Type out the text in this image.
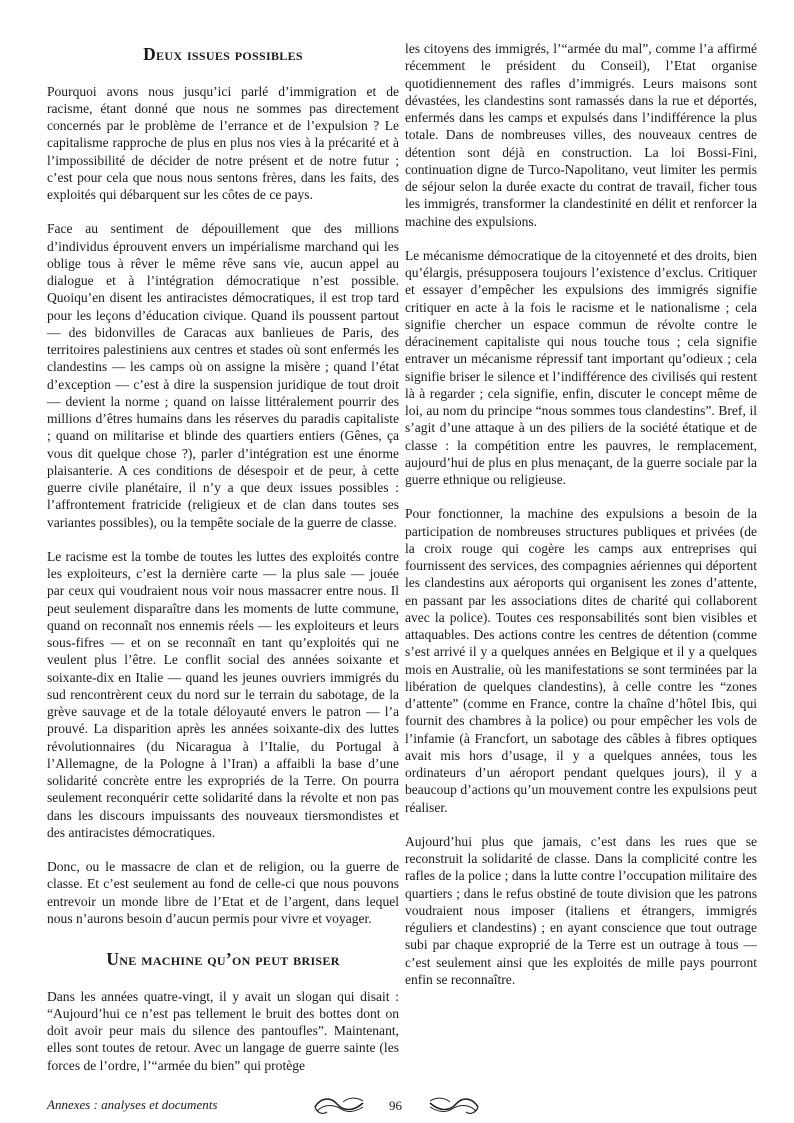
Deux issues possibles

Pourquoi avons nous jusqu’ici parlé d’immigration et de racisme, étant donné que nous ne sommes pas directement concernés par le problème de l’errance et de l’expulsion ? Le capitalisme rapproche de plus en plus nos vies à la précarité et à l’impossibilité de décider de notre présent et de notre futur ; c’est pour cela que nous nous sentons frères, dans les faits, des exploités qui débarquent sur les côtes de ce pays.

Face au sentiment de dépouillement que des millions d’individus éprouvent envers un impérialisme marchand qui les oblige tous à rêver le même rêve sans vie, aucun appel au dialogue et à l’intégration démocratique n’est possible. Quoiqu’en disent les antiracistes démocratiques, il est trop tard pour les leçons d’éducation civique. Quand ils poussent partout — des bidonvilles de Caracas aux banlieues de Paris, des territoires palestiniens aux centres et stades où sont enfermés les clandestins — les camps où on assigne la misère ; quand l’état d’exception — c’est à dire la suspension juridique de tout droit — devient la norme ; quand on laisse littéralement pourrir des millions d’êtres humains dans les réserves du paradis capitaliste ; quand on militarise et blinde des quartiers entiers (Gênes, ça vous dit quelque chose ?), parler d’intégration est une énorme plaisanterie. A ces conditions de désespoir et de peur, à cette guerre civile planétaire, il n’y a que deux issues possibles : l’affrontement fratricide (religieux et de clan dans toutes ses variantes possibles), ou la tempête sociale de la guerre de classe.

Le racisme est la tombe de toutes les luttes des exploités contre les exploiteurs, c’est la dernière carte — la plus sale — jouée par ceux qui voudraient nous voir nous massacrer entre nous. Il peut seulement disparaître dans les moments de lutte commune, quand on reconnaît nos ennemis réels — les exploiteurs et leurs sous-fifres — et on se reconnaît en tant qu’exploités qui ne veulent plus l’être. Le conflit social des années soixante et soixante-dix en Italie — quand les jeunes ouvriers immigrés du sud rencontrèrent ceux du nord sur le terrain du sabotage, de la grève sauvage et de la totale déloyauté envers le patron — l’a prouvé. La disparition après les années soixante-dix des luttes révolutionnaires (du Nicaragua à l’Italie, du Portugal à l’Allemagne, de la Pologne à l’Iran) a affaibli la base d’une solidarité concrète entre les expropriés de la Terre. On pourra seulement reconquérir cette solidarité dans la révolte et non pas dans les discours impuissants des nouveaux tiersmondistes et des antiracistes démocratiques.

Donc, ou le massacre de clan et de religion, ou la guerre de classe. Et c’est seulement au fond de celle-ci que nous pouvons entrevoir un monde libre de l’Etat et de l’argent, dans lequel nous n’aurons besoin d’aucun permis pour vivre et voyager.

Une machine qu’on peut briser

Dans les années quatre-vingt, il y avait un slogan qui disait : “Aujourd’hui ce n’est pas tellement le bruit des bottes dont on doit avoir peur mais du silence des pantoufles”. Maintenant, elles sont toutes de retour. Avec un langage de guerre sainte (les forces de l’ordre, l’“armée du bien” qui protège

les citoyens des immigrés, l’“armée du mal”, comme l’a affirmé récemment le président du Conseil), l’Etat organise quotidiennement des rafles d’immigrés. Leurs maisons sont dévastées, les clandestins sont ramassés dans la rue et déportés, enfermés dans les camps et expulsés dans l’indifférence la plus totale. Dans de nombreuses villes, des nouveaux centres de détention sont déjà en construction. La loi Bossi-Fini, continuation digne de Turco-Napolitano, veut limiter les permis de séjour selon la durée exacte du contrat de travail, ficher tous les immigrés, transformer la clandestinité en délit et renforcer la machine des expulsions.

Le mécanisme démocratique de la citoyenneté et des droits, bien qu’élargis, présupposera toujours l’existence d’exclus. Critiquer et essayer d’empêcher les expulsions des immigrés signifie critiquer en acte à la fois le racisme et le nationalisme ; cela signifie chercher un espace commun de révolte contre le déracinement capitaliste qui nous touche tous ; cela signifie entraver un mécanisme répressif tant important qu’odieux ; cela signifie briser le silence et l’indifférence des civilisés qui restent là à regarder ; cela signifie, enfin, discuter le concept même de loi, au nom du principe “nous sommes tous clandestins”. Bref, il s’agit d’une attaque à un des piliers de la société étatique et de classe : la compétition entre les pauvres, le remplacement, aujourd’hui de plus en plus menaçant, de la guerre sociale par la guerre ethnique ou religieuse.

Pour fonctionner, la machine des expulsions a besoin de la participation de nombreuses structures publiques et privées (de la croix rouge qui cogère les camps aux entreprises qui fournissent des services, des compagnies aériennes qui déportent les clandestins aux aéroports qui organisent les zones d’attente, en passant par les associations dites de charité qui collaborent avec la police). Toutes ces responsabilités sont bien visibles et attaquables. Des actions contre les centres de détention (comme s’est arrivé il y a quelques années en Belgique et il y a quelques mois en Australie, où les manifestations se sont terminées par la libération de quelques clandestins), à celle contre les “zones d’attente” (comme en France, contre la chaîne d’hôtel Ibis, qui fournit des chambres à la police) ou pour empêcher les vols de l’infamie (à Francfort, un sabotage des câbles à fibres optiques avait mis hors d’usage, il y a quelques années, tous les ordinateurs d’un aéroport pendant quelques jours), il y a beaucoup d’actions qu’un mouvement contre les expulsions peut réaliser.

Aujourd’hui plus que jamais, c’est dans les rues que se reconstruit la solidarité de classe. Dans la complicité contre les rafles de la police ; dans la lutte contre l’occupation militaire des quartiers ; dans le refus obstiné de toute division que les patrons voudraient nous imposer (italiens et étrangers, immigrés réguliers et clandestins) ; en ayant conscience que tout outrage subi par chaque exproprié de la Terre est un outrage à tous — c’est seulement ainsi que les exploités de mille pays pourront enfin se reconnaître.

Annexes : analyses et documents	96
